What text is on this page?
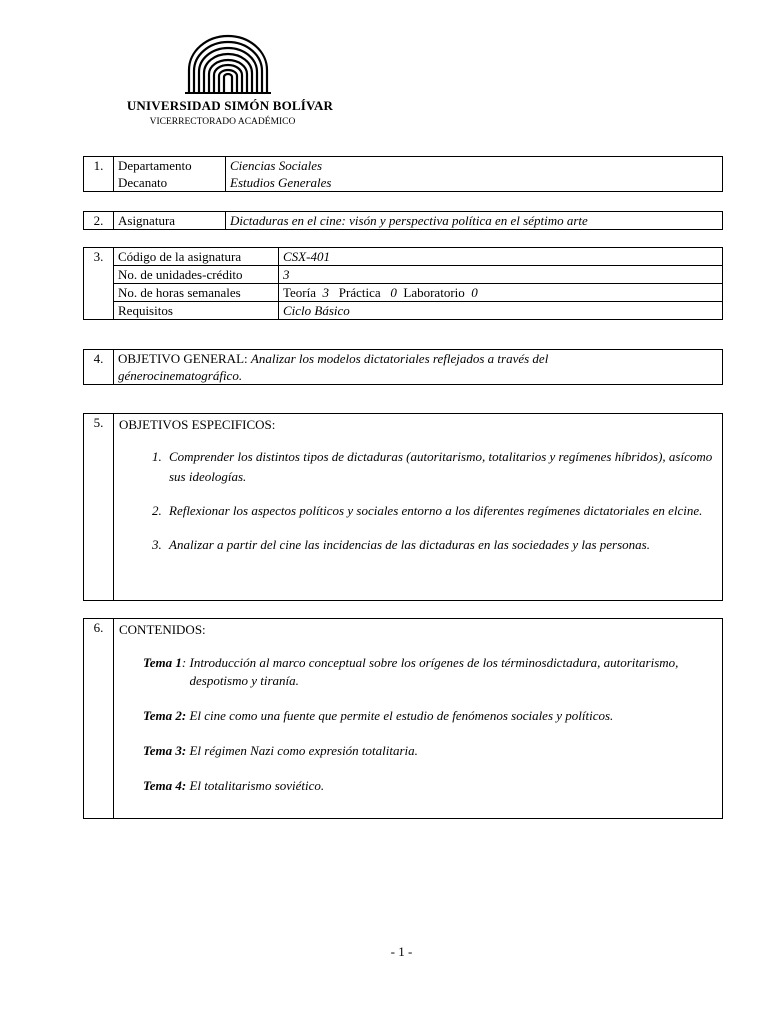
UNIVERSIDAD SIMÓN BOLÍVAR
VICERRECTORADO ACADÉMICO
1.	Departamento	Ciencias Sociales
	Decanato	Estudios Generales
2.	Asignatura	Dictaduras en el cine: visón y perspectiva política en el séptimo arte
3.	Código de la asignatura	CSX-401
	No. de unidades-crédito	3
	No. de horas semanales	Teoría 3 Práctica 0 Laboratorio 0
	Requisitos	Ciclo Básico
4.	OBJETIVO GENERAL: Analizar los modelos dictatoriales reflejados a través del génerocinematográfico.
5.	OBJETIVOS ESPECIFICOS:
1. Comprender los distintos tipos de dictaduras (autoritarismo, totalitarios y regímenes híbridos), asícomo sus ideologías.
2. Reflexionar los aspectos políticos y sociales entorno a los diferentes regímenes dictatoriales en elcine.
3. Analizar a partir del cine las incidencias de las dictaduras en las sociedades y las personas.
6.	CONTENIDOS:
Tema 1: Introducción al marco conceptual sobre los orígenes de los términosdictadura, autoritarismo, despotismo y tiranía.
Tema 2:
El cine como una fuente que permite el estudio de fenómenos sociales y políticos.
Tema 3:
El régimen Nazi como expresión totalitaria.
Tema 4:
El totalitarismo soviético.
- 1 -
